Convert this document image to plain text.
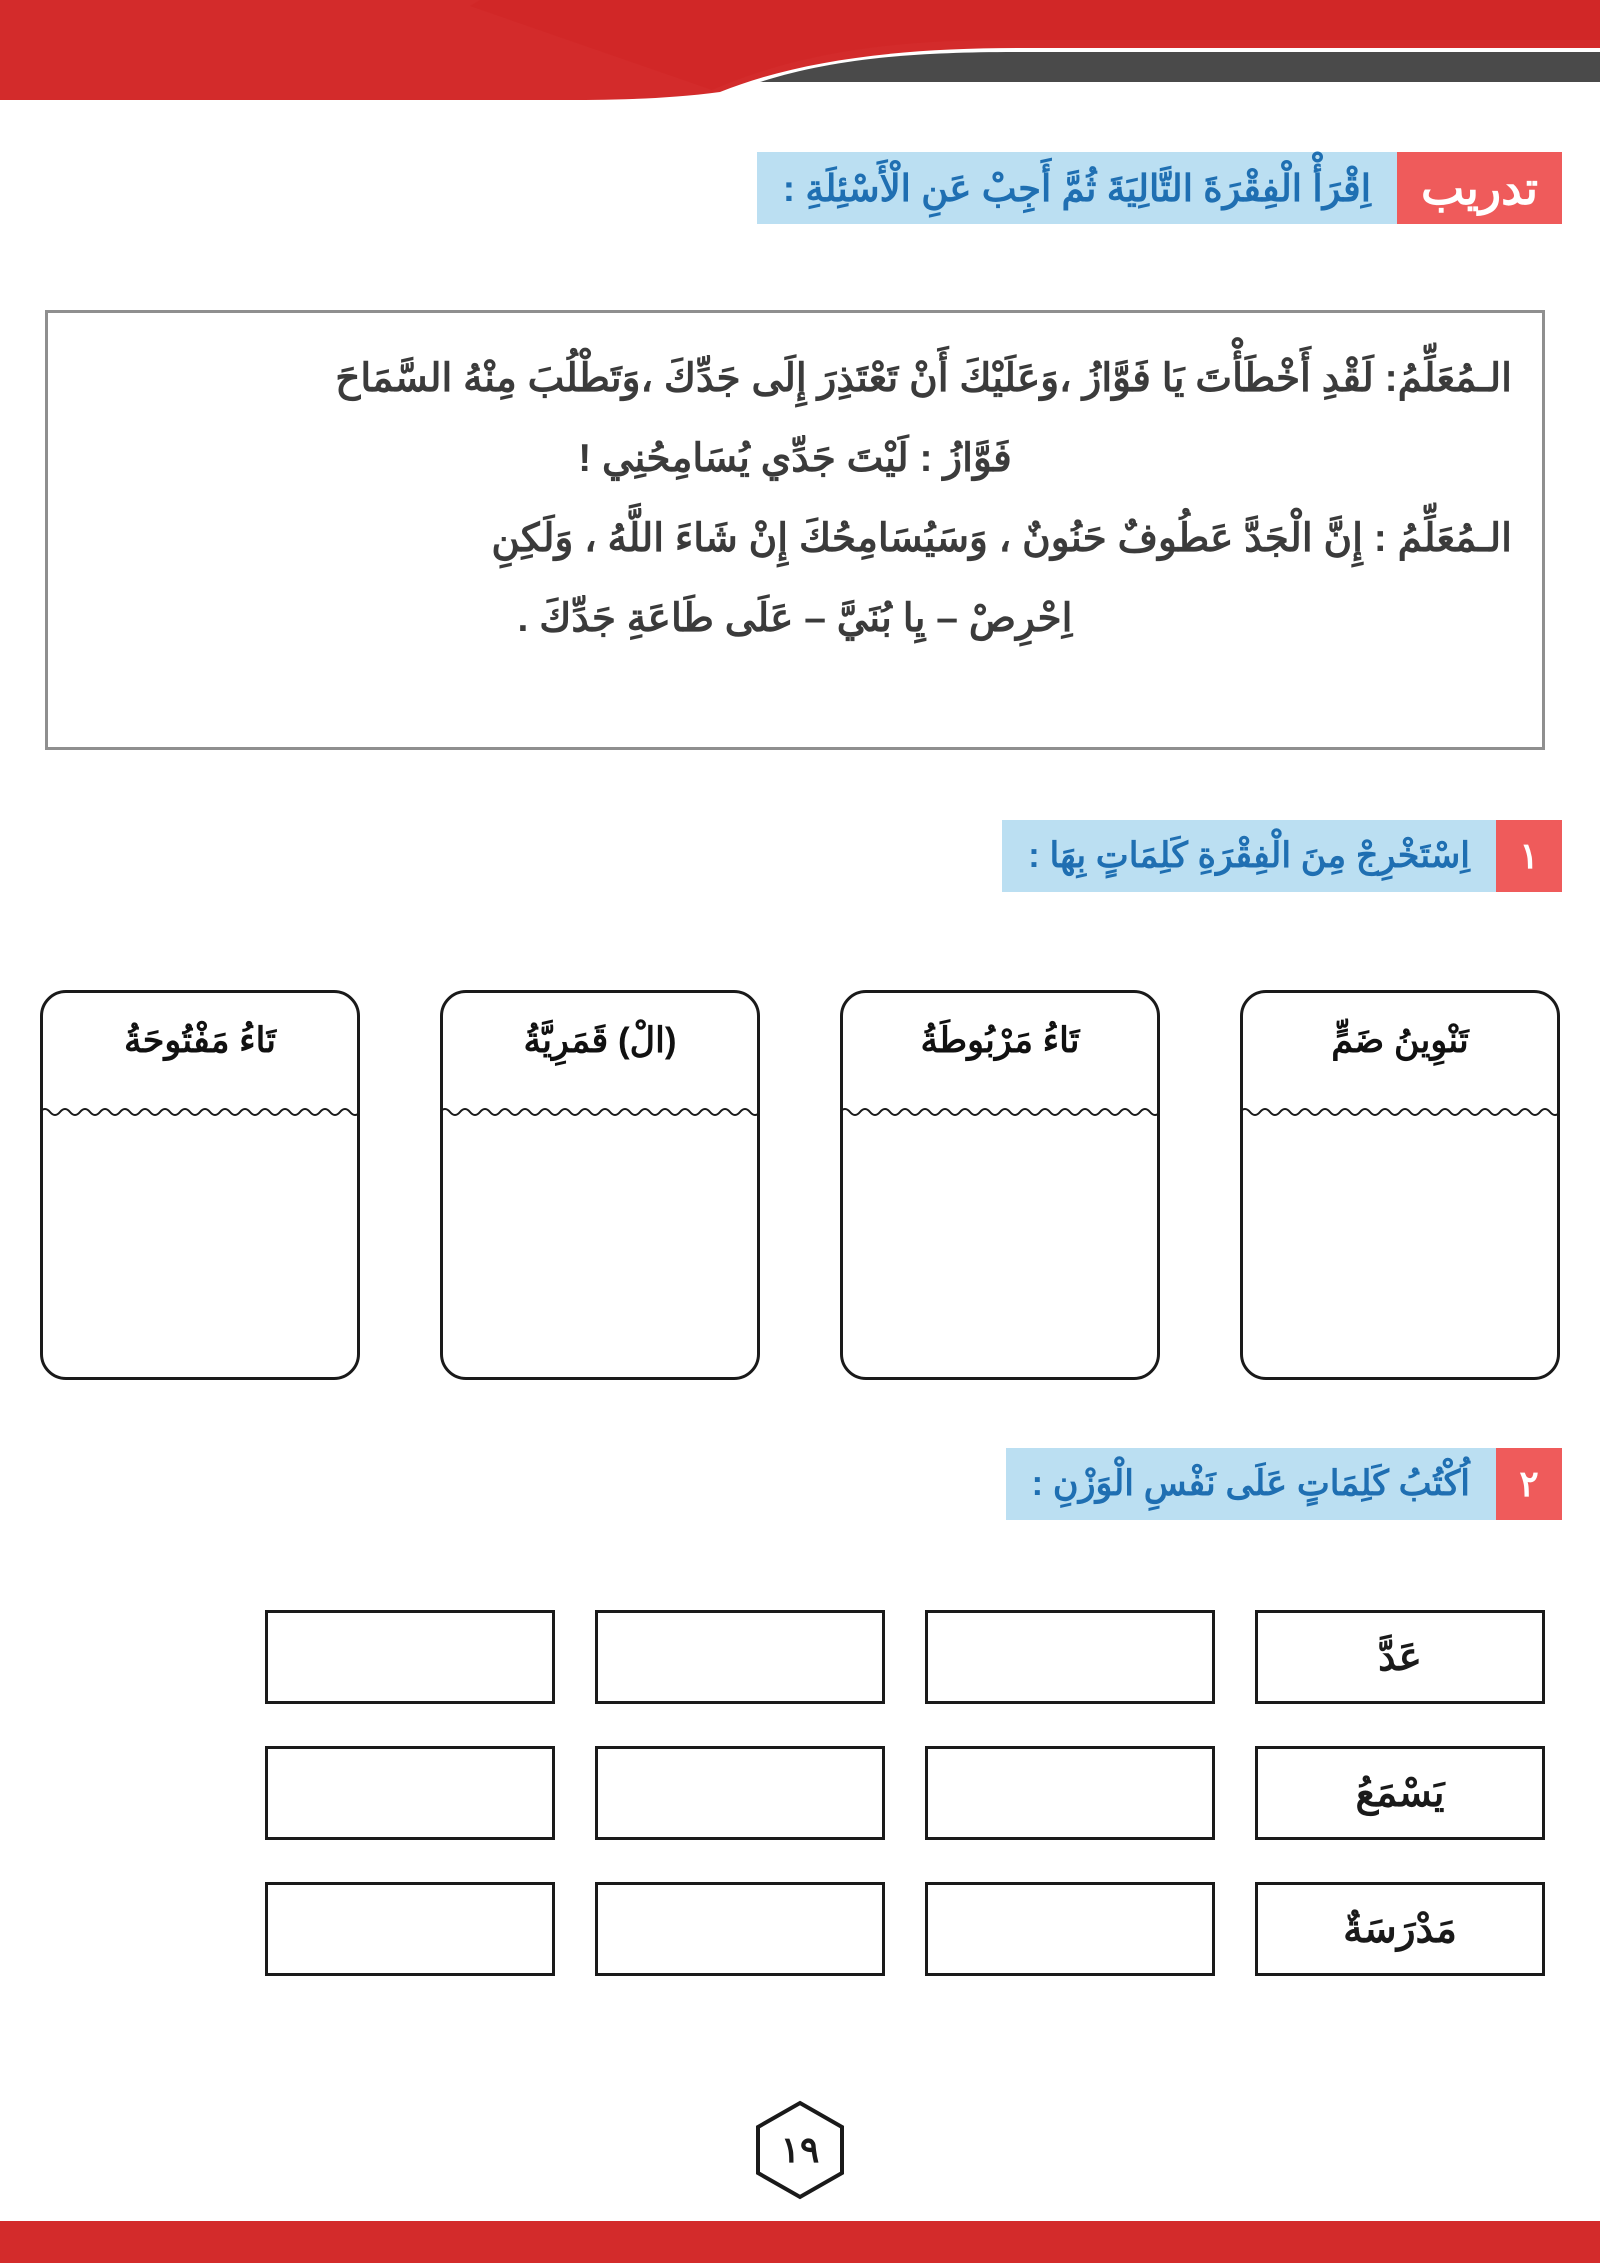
تدريب
اِقْرَأْ الْفِقْرَةَ التَّالِيَةَ ثُمَّ أَجِبْ عَنِ الْأَسْئِلَةِ :
الـمُعَلِّمُ: لَقْدِ أَخْطَأْتَ يَا فَوَّازُ ،وَعَلَيْكَ أَنْ تَعْتَذِرَ إِلَى جَدِّكَ ،وَتَطْلُبَ مِنْهُ السَّمَاحَ
فَوَّازُ : لَيْتَ جَدِّي يُسَامِحُنِي !
الـمُعَلِّمُ : إِنَّ الْجَدَّ عَطُوفٌ حَنُونٌ ، وَسَيُسَامِحُكَ إِنْ شَاءَ اللَّهُ ، وَلَكِنِ
اِحْرِصْ – يِا بُنَيَّ – عَلَى طَاعَةِ جَدِّكَ .
١
اِسْتَخْرِجْ مِنَ الْفِقْرَةِ كَلِمَاتٍ بِهَا :
تَنْوِينُ ضَمٍّ
تَاءُ مَرْبُوطَةُ
(الْ) قَمَرِيَّةُ
تَاءُ مَفْتُوحَةُ
٢
اُكْتُبُ كَلِمَاتٍ عَلَى نَفْسِ الْوَزْنِ :
عَدَّ
يَسْمَعُ
مَدْرَسَةٌ
١٩
